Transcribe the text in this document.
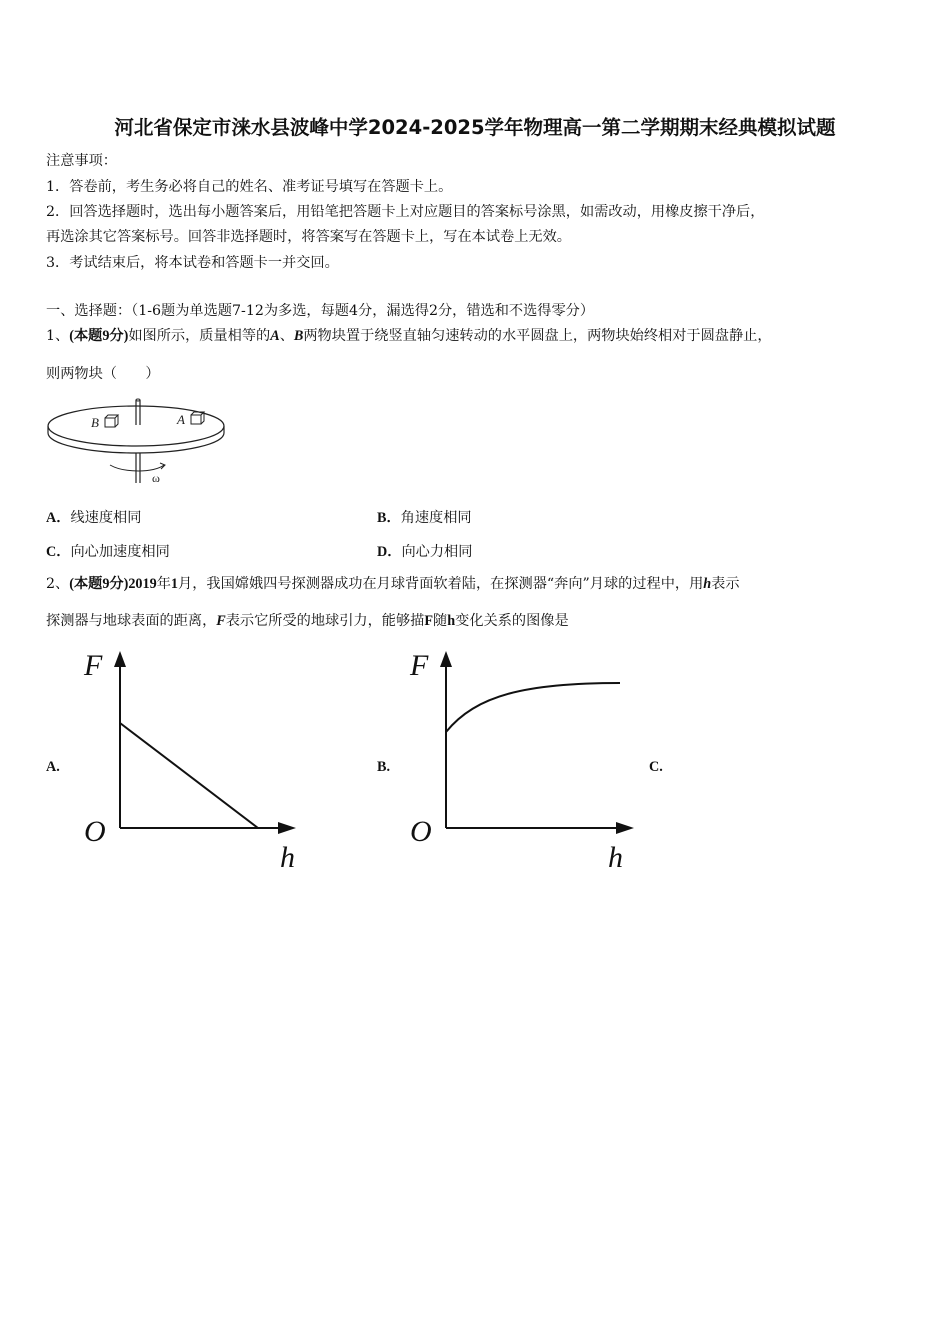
河北省保定市涞水县波峰中学2024-2025学年物理高一第二学期期末经典模拟试题
注意事项：
1．答卷前，考生务必将自己的姓名、准考证号填写在答题卡上。
2．回答选择题时，选出每小题答案后，用铅笔把答题卡上对应题目的答案标号涂黑，如需改动，用橡皮擦干净后，
再选涂其它答案标号。回答非选择题时，将答案写在答题卡上，写在本试卷上无效。
3．考试结束后，将本试卷和答题卡一并交回。
一、选择题：（1-6题为单选题7-12为多选，每题4分，漏选得2分，错选和不选得零分）
1、(本题9分)如图所示，质量相等的A、B两物块置于绕竖直轴匀速转动的水平圆盘上，两物块始终相对于圆盘静止，
则两物块（　　）
B	A
ω
A．线速度相同	B．角速度相同
C．向心加速度相同	D．向心力相同
2、(本题9分)2019年1月，我国嫦娥四号探测器成功在月球背面软着陆，在探测器“奔向”月球的过程中，用h表示
探测器与地球表面的距离，F表示它所受的地球引力，能够描F随h变化关系的图像是
A.	B.	C.
F
O
h
F
O
h
